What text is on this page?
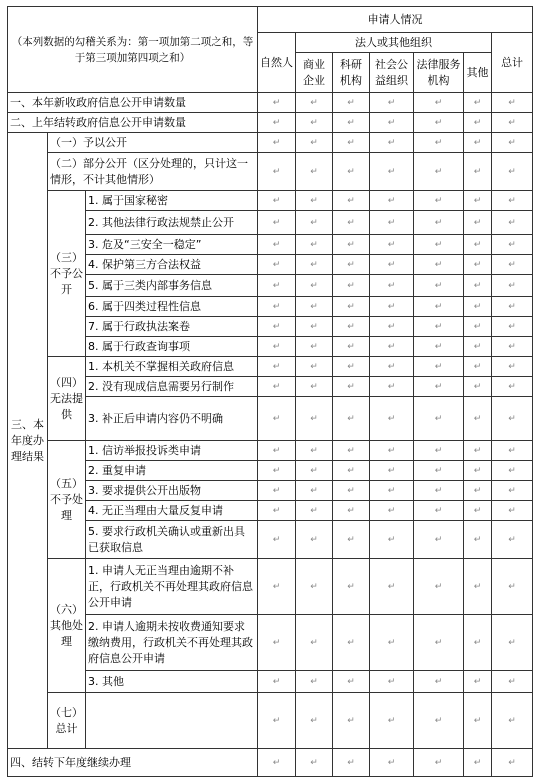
（本列数据的勾稽关系为：第一项加第二项之和，等于第三项加第四项之和）			申请人情况						
			自然人	法人或其他组织					总计
				商业企业	科研机构	社会公益组织	法律服务机构	其他	
一、本年新收政府信息公开申请数量			↵	↵	↵	↵	↵	↵	↵
二、上年结转政府信息公开申请数量			↵	↵	↵	↵	↵	↵	↵
三、本年度办理结果	（一）予以公开		↵	↵	↵	↵	↵	↵	↵
	（二）部分公开（区分处理的，只计这一情形，不计其他情形）		↵	↵	↵	↵	↵	↵	↵
	（三）不予公开	1. 属于国家秘密	↵	↵	↵	↵	↵	↵	↵
		2. 其他法律行政法规禁止公开	↵	↵	↵	↵	↵	↵	↵
		3. 危及“三安全一稳定”	↵	↵	↵	↵	↵	↵	↵
		4. 保护第三方合法权益	↵	↵	↵	↵	↵	↵	↵
		5. 属于三类内部事务信息	↵	↵	↵	↵	↵	↵	↵
		6. 属于四类过程性信息	↵	↵	↵	↵	↵	↵	↵
		7. 属于行政执法案卷	↵	↵	↵	↵	↵	↵	↵
		8. 属于行政查询事项	↵	↵	↵	↵	↵	↵	↵
	（四）无法提供	1. 本机关不掌握相关政府信息	↵	↵	↵	↵	↵	↵	↵
		2. 没有现成信息需要另行制作	↵	↵	↵	↵	↵	↵	↵
		3. 补正后申请内容仍不明确	↵	↵	↵	↵	↵	↵	↵
	（五）不予处理	1. 信访举报投诉类申请	↵	↵	↵	↵	↵	↵	↵
		2. 重复申请	↵	↵	↵	↵	↵	↵	↵
		3. 要求提供公开出版物	↵	↵	↵	↵	↵	↵	↵
		4. 无正当理由大量反复申请	↵	↵	↵	↵	↵	↵	↵
		5. 要求行政机关确认或重新出具已获取信息	↵	↵	↵	↵	↵	↵	↵
	（六）其他处理	1. 申请人无正当理由逾期不补正，行政机关不再处理其政府信息公开申请	↵	↵	↵	↵	↵	↵	↵
		2. 申请人逾期未按收费通知要求缴纳费用，行政机关不再处理其政府信息公开申请	↵	↵	↵	↵	↵	↵	↵
		3. 其他	↵	↵	↵	↵	↵	↵	↵
	（七）总计		↵	↵	↵	↵	↵	↵	↵
四、结转下年度继续办理			↵	↵	↵	↵	↵	↵	↵
